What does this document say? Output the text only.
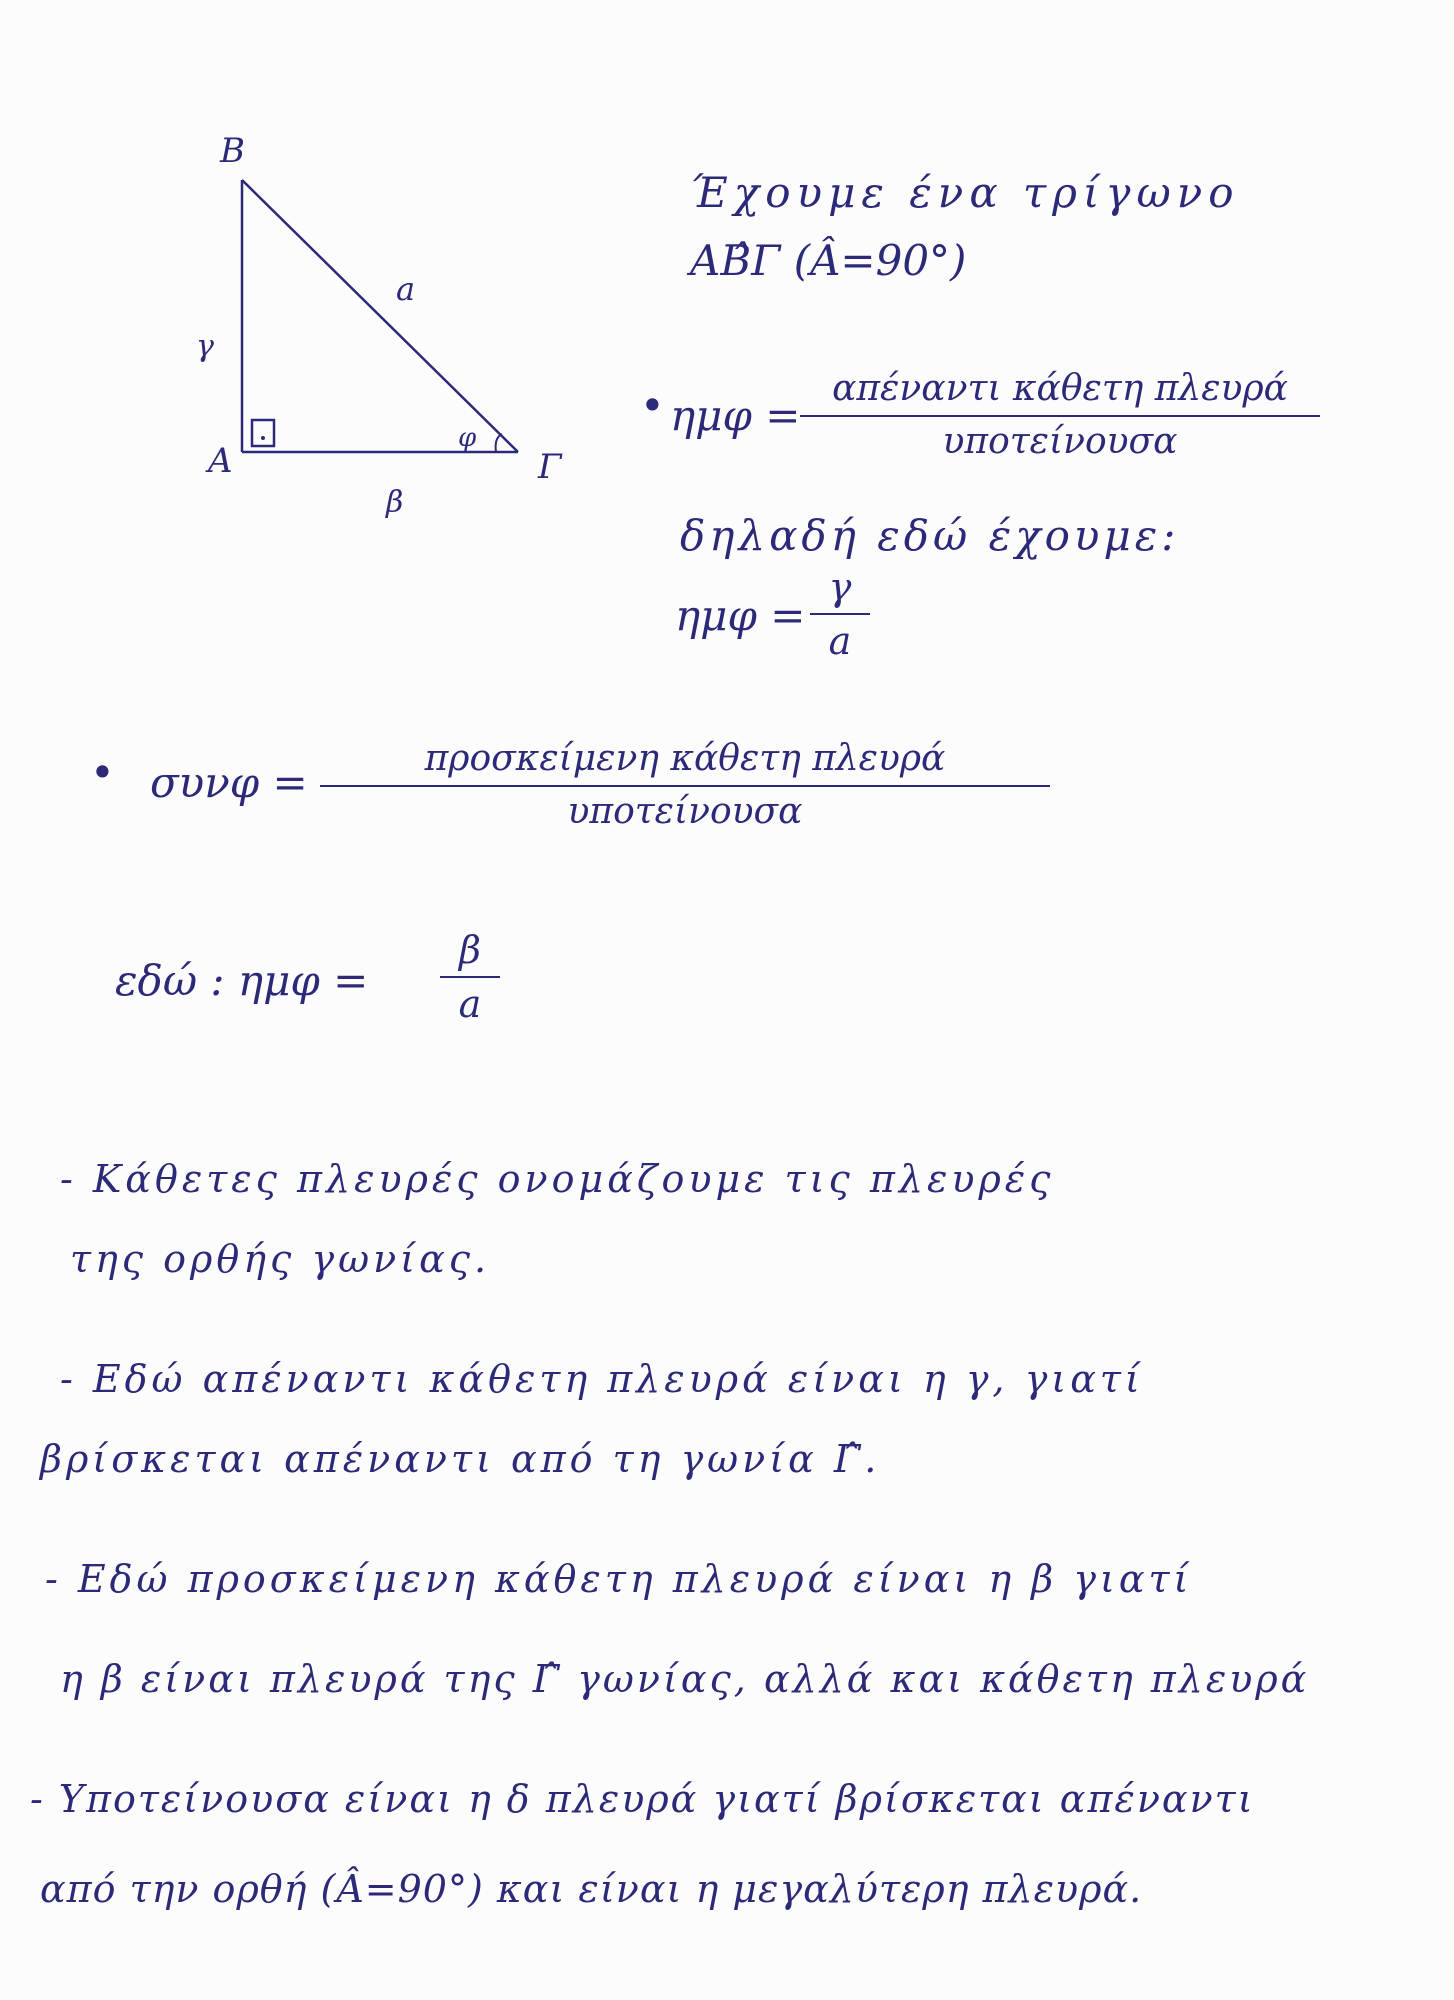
B
A	Γ
a
γ
β
φ
Έχουμε ένα τρίγωνο
ΑΒ̂Γ (Â=90°)
• ημφ =
απέναντι κάθετη πλευρά
υποτείνουσα
δηλαδή εδώ έχουμε:
ημφ =
γ
a
• συνφ =	προσκείμενη κάθετη πλευρά
υποτείνουσα
εδώ : ημφ =
β
a
- Κάθετες πλευρές ονομάζουμε τις πλευρές
της ορθής γωνίας.
- Εδώ απέναντι κάθετη πλευρά είναι η γ, γιατί
βρίσκεται απέναντι από τη γωνία Γ̂.
- Εδώ προσκείμενη κάθετη πλευρά είναι η β γιατί
η β είναι πλευρά της Γ̂ γωνίας, αλλά και κάθετη πλευρά
- Υποτείνουσα είναι η δ πλευρά γιατί βρίσκεται απέναντι
από την ορθή (Â=90°) και είναι η μεγαλύτερη πλευρά.
